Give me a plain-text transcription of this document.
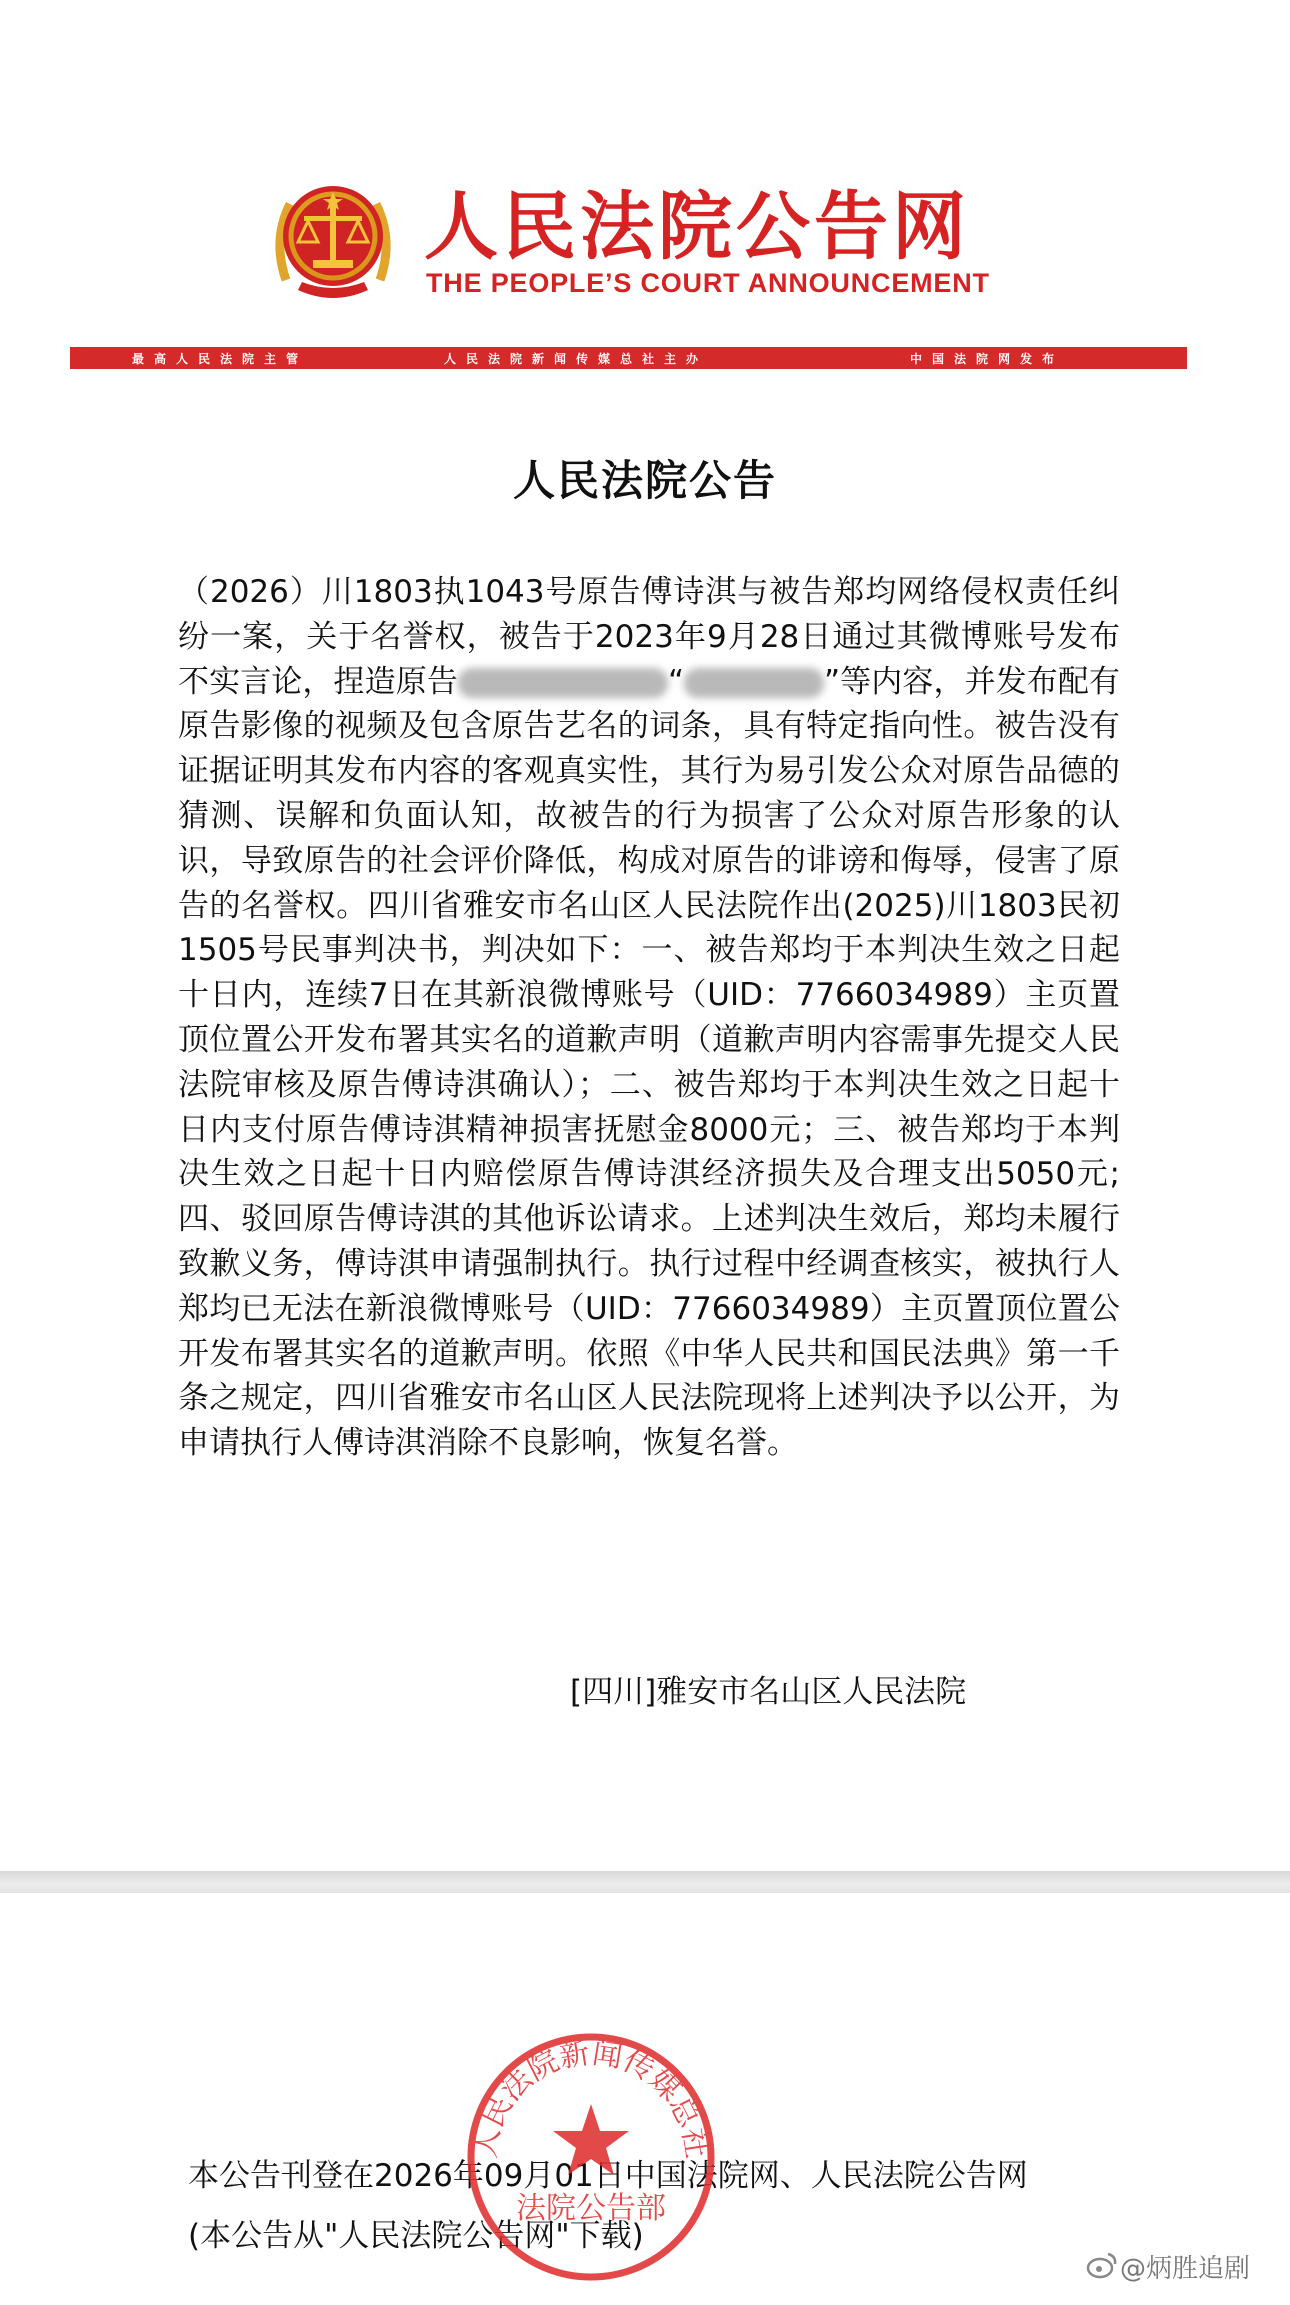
人民法院公告网
THE PEOPLE’S COURT ANNOUNCEMENT
最高人民法院主管	人民法院新闻传媒总社主办	中国法院网发布
人民法院公告
（2026）川1803执1043号原告傅诗淇与被告郑均网络侵权责任纠纷一案，关于名誉权，被告于2023年9月28日通过其微博账号发布不实言论，捏造原告	“	”等内容，并发布配有原告影像的视频及包含原告艺名的词条，具有特定指向性。被告没有证据证明其发布内容的客观真实性，其行为易引发公众对原告品德的猜测、误解和负面认知，故被告的行为损害了公众对原告形象的认识，导致原告的社会评价降低，构成对原告的诽谤和侮辱，侵害了原告的名誉权。四川省雅安市名山区人民法院作出(2025)川1803民初1505号民事判决书，判决如下：一、被告郑均于本判决生效之日起十日内，连续7日在其新浪微博账号（UID：7766034989）主页置顶位置公开发布署其实名的道歉声明（道歉声明内容需事先提交人民法院审核及原告傅诗淇确认）；二、被告郑均于本判决生效之日起十日内支付原告傅诗淇精神损害抚慰金8000元；三、被告郑均于本判决生效之日起十日内赔偿原告傅诗淇经济损失及合理支出5050元;四、驳回原告傅诗淇的其他诉讼请求。上述判决生效后，郑均未履行致歉义务，傅诗淇申请强制执行。执行过程中经调查核实，被执行人郑均已无法在新浪微博账号（UID：7766034989）主页置顶位置公开发布署其实名的道歉声明。依照《中华人民共和国民法典》第一千条之规定，四川省雅安市名山区人民法院现将上述判决予以公开，为申请执行人傅诗淇消除不良影响，恢复名誉。
[四川]雅安市名山区人民法院
本公告刊登在2026年09月01日中国法院网、人民法院公告网
(本公告从"人民法院公告网"下载)
人民法院新闻传媒总社
法院公告部
@炳胜追剧
